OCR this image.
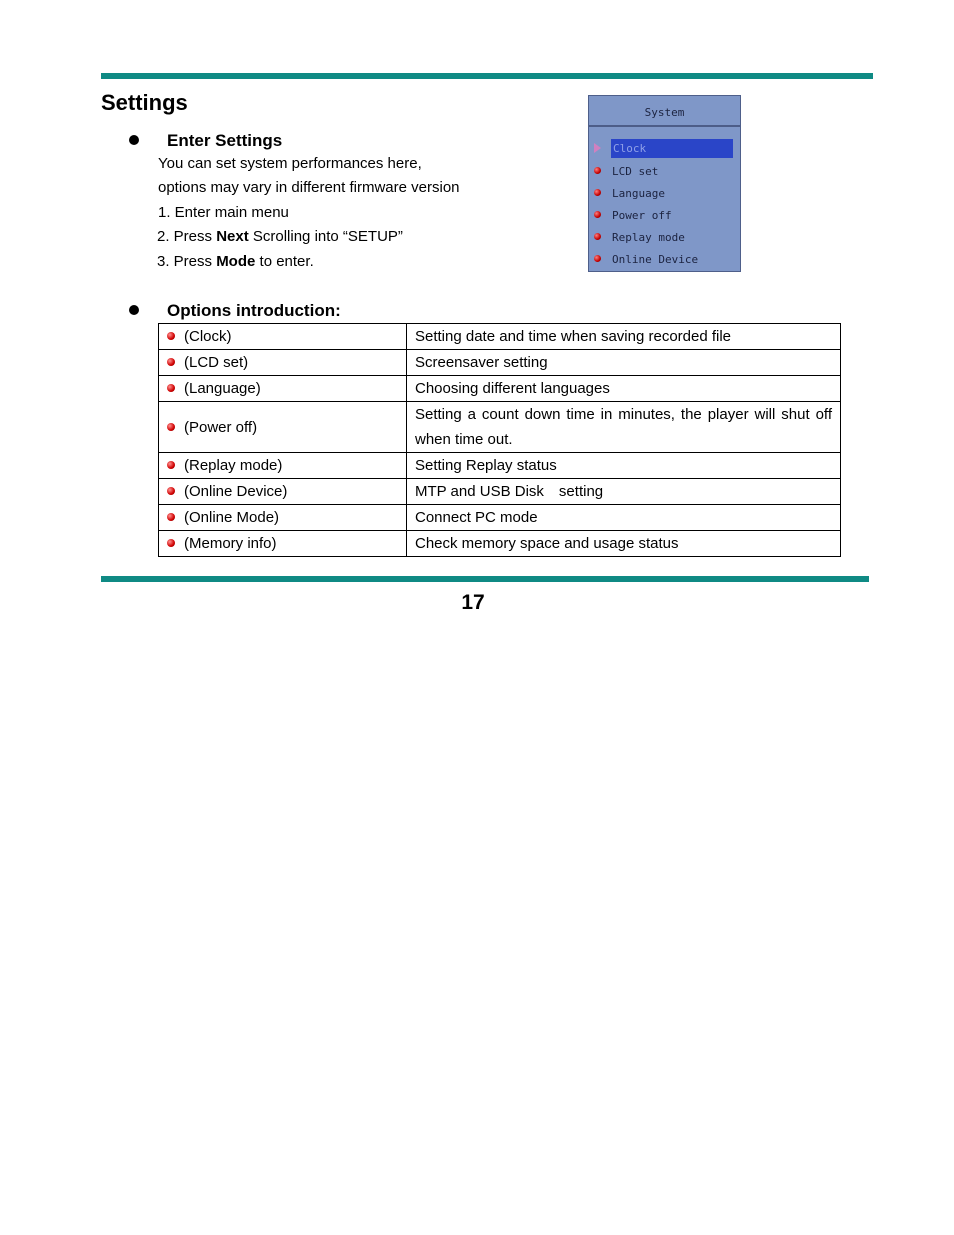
Settings
Enter Settings
You can set system performances here,
options may vary in different firmware version
1. Enter main menu
2. Press Next Scrolling into “SETUP”
3. Press Mode to enter.
System
Clock
LCD set
Language
Power off
Replay mode
Online Device
Options introduction:
(Clock)	Setting date and time when saving recorded file
(LCD set)	Screensaver setting
(Language)	Choosing different languages
(Power off)	Setting a count down time in minutes, the player will shut off when time out.

(Replay mode)	Setting Replay status
(Online Device)	MTP and USB Disk　setting
(Online Mode)	Connect PC mode
(Memory info)	Check memory space and usage status
17
